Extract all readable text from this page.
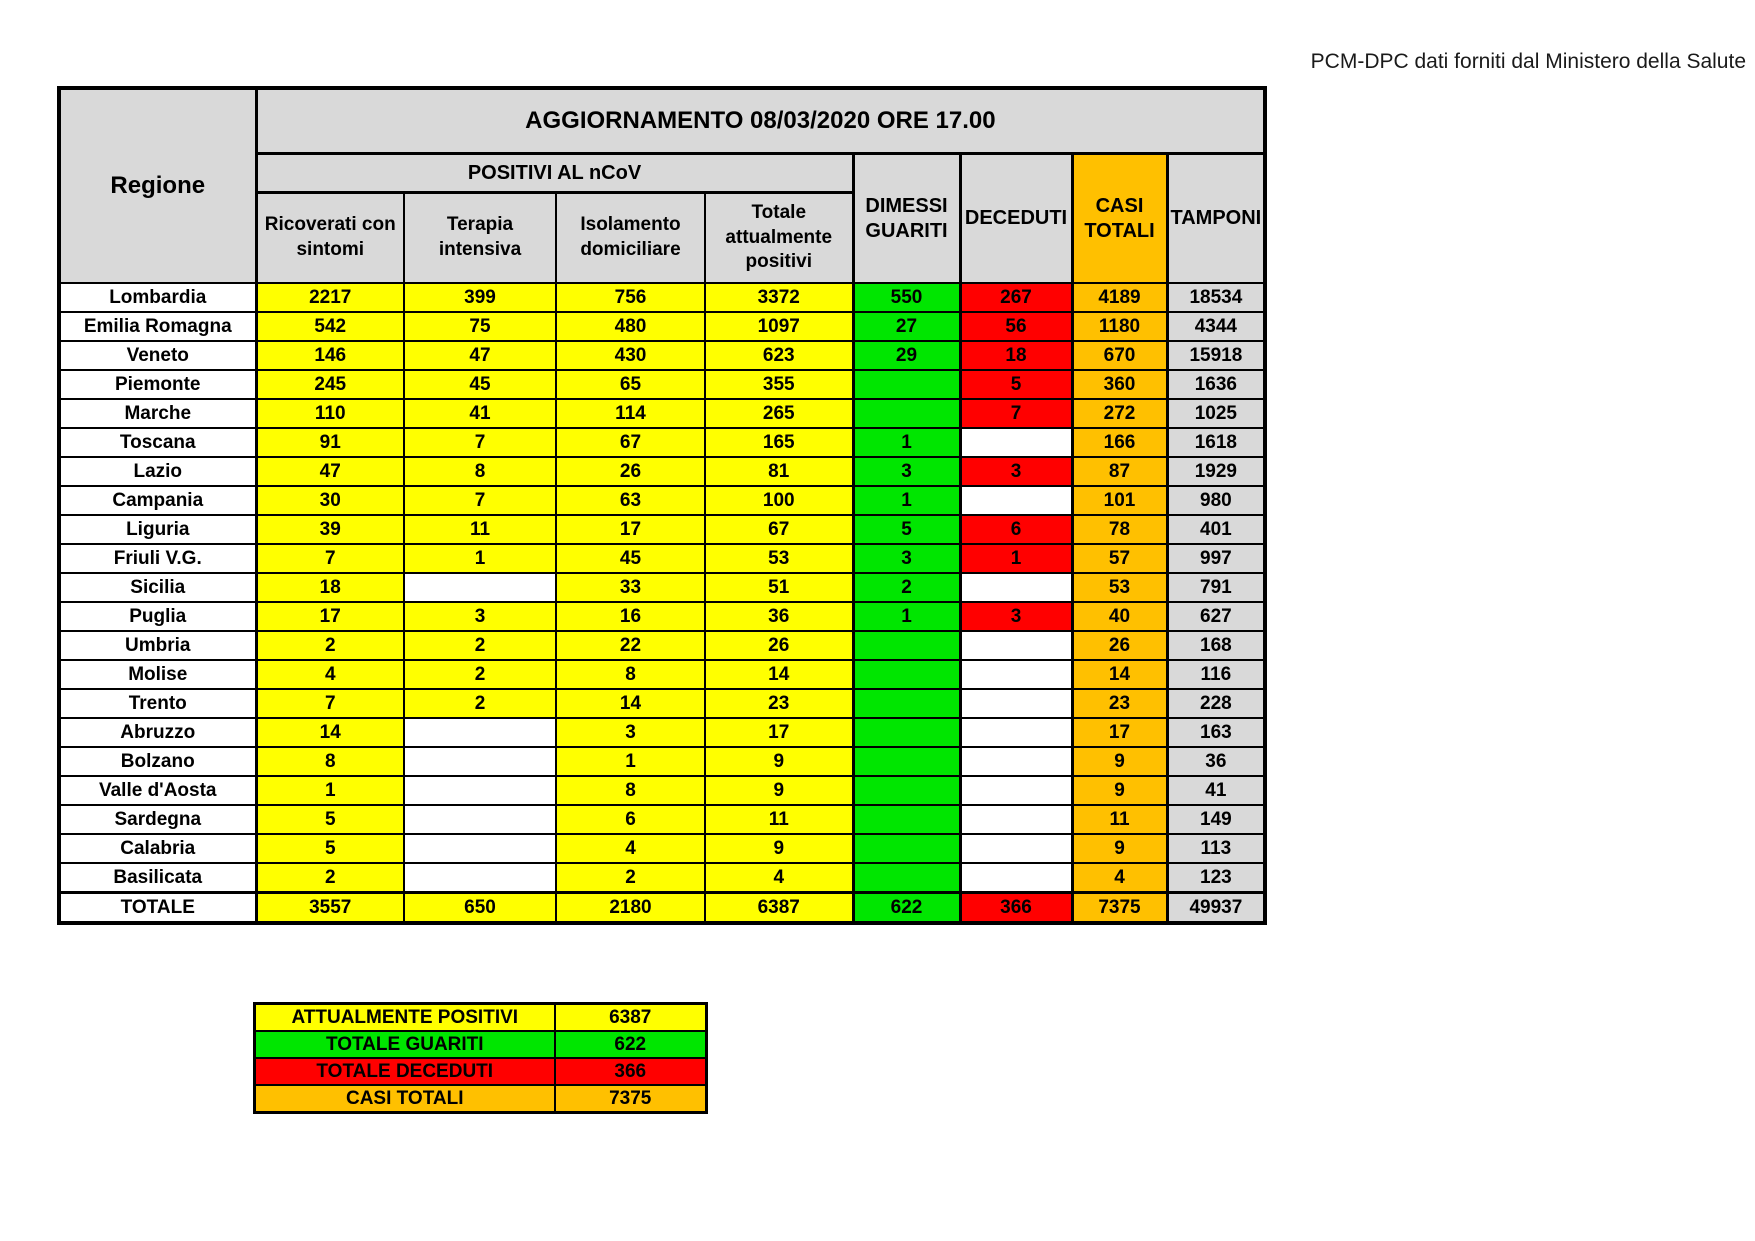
PCM-DPC dati forniti dal Ministero della Salute
Regione	AGGIORNAMENTO 08/03/2020 ORE 17.00							
	POSITIVI AL nCoV				DIMESSI GUARITI	DECEDUTI	CASI TOTALI	TAMPONI
	Ricoverati con sintomi	Terapia intensiva	Isolamento domiciliare	Totale attualmente positivi				
Lombardia	2217	399	756	3372	550	267	4189	18534
Emilia Romagna	542	75	480	1097	27	56	1180	4344
Veneto	146	47	430	623	29	18	670	15918
Piemonte	245	45	65	355		5	360	1636
Marche	110	41	114	265		7	272	1025
Toscana	91	7	67	165	1		166	1618
Lazio	47	8	26	81	3	3	87	1929
Campania	30	7	63	100	1		101	980
Liguria	39	11	17	67	5	6	78	401
Friuli V.G.	7	1	45	53	3	1	57	997
Sicilia	18		33	51	2		53	791
Puglia	17	3	16	36	1	3	40	627
Umbria	2	2	22	26			26	168
Molise	4	2	8	14			14	116
Trento	7	2	14	23			23	228
Abruzzo	14		3	17			17	163
Bolzano	8		1	9			9	36
Valle d'Aosta	1		8	9			9	41
Sardegna	5		6	11			11	149
Calabria	5		4	9			9	113
Basilicata	2		2	4			4	123
TOTALE	3557	650	2180	6387	622	366	7375	49937
ATTUALMENTE POSITIVI	6387
TOTALE GUARITI	622
TOTALE DECEDUTI	366
CASI TOTALI	7375
